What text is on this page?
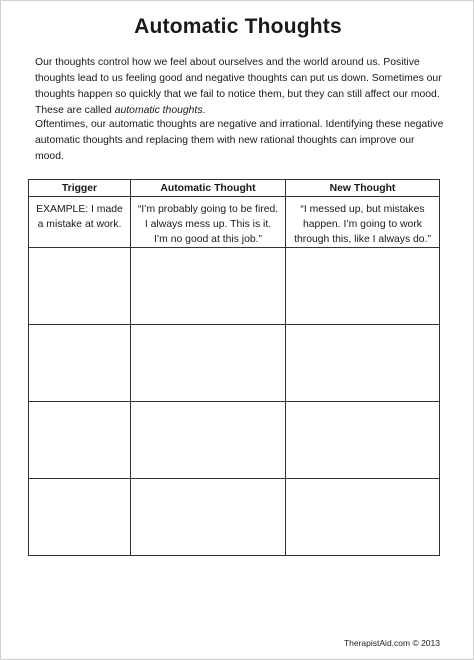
Automatic Thoughts

Our thoughts control how we feel about ourselves and the world around us. Positive thoughts lead to us feeling good and negative thoughts can put us down. Sometimes our thoughts happen so quickly that we fail to notice them, but they can still affect our mood. These are called automatic thoughts.

Oftentimes, our automatic thoughts are negative and irrational. Identifying these negative automatic thoughts and replacing them with new rational thoughts can improve our mood.

Trigger	Automatic Thought	New Thought

EXAMPLE: I made a mistake at work.	“I’m probably going to be fired. I always mess up. This is it. I’m no good at this job.”	“I messed up, but mistakes happen. I’m going to work through this, like I always do.”

TherapistAid.com © 2013
